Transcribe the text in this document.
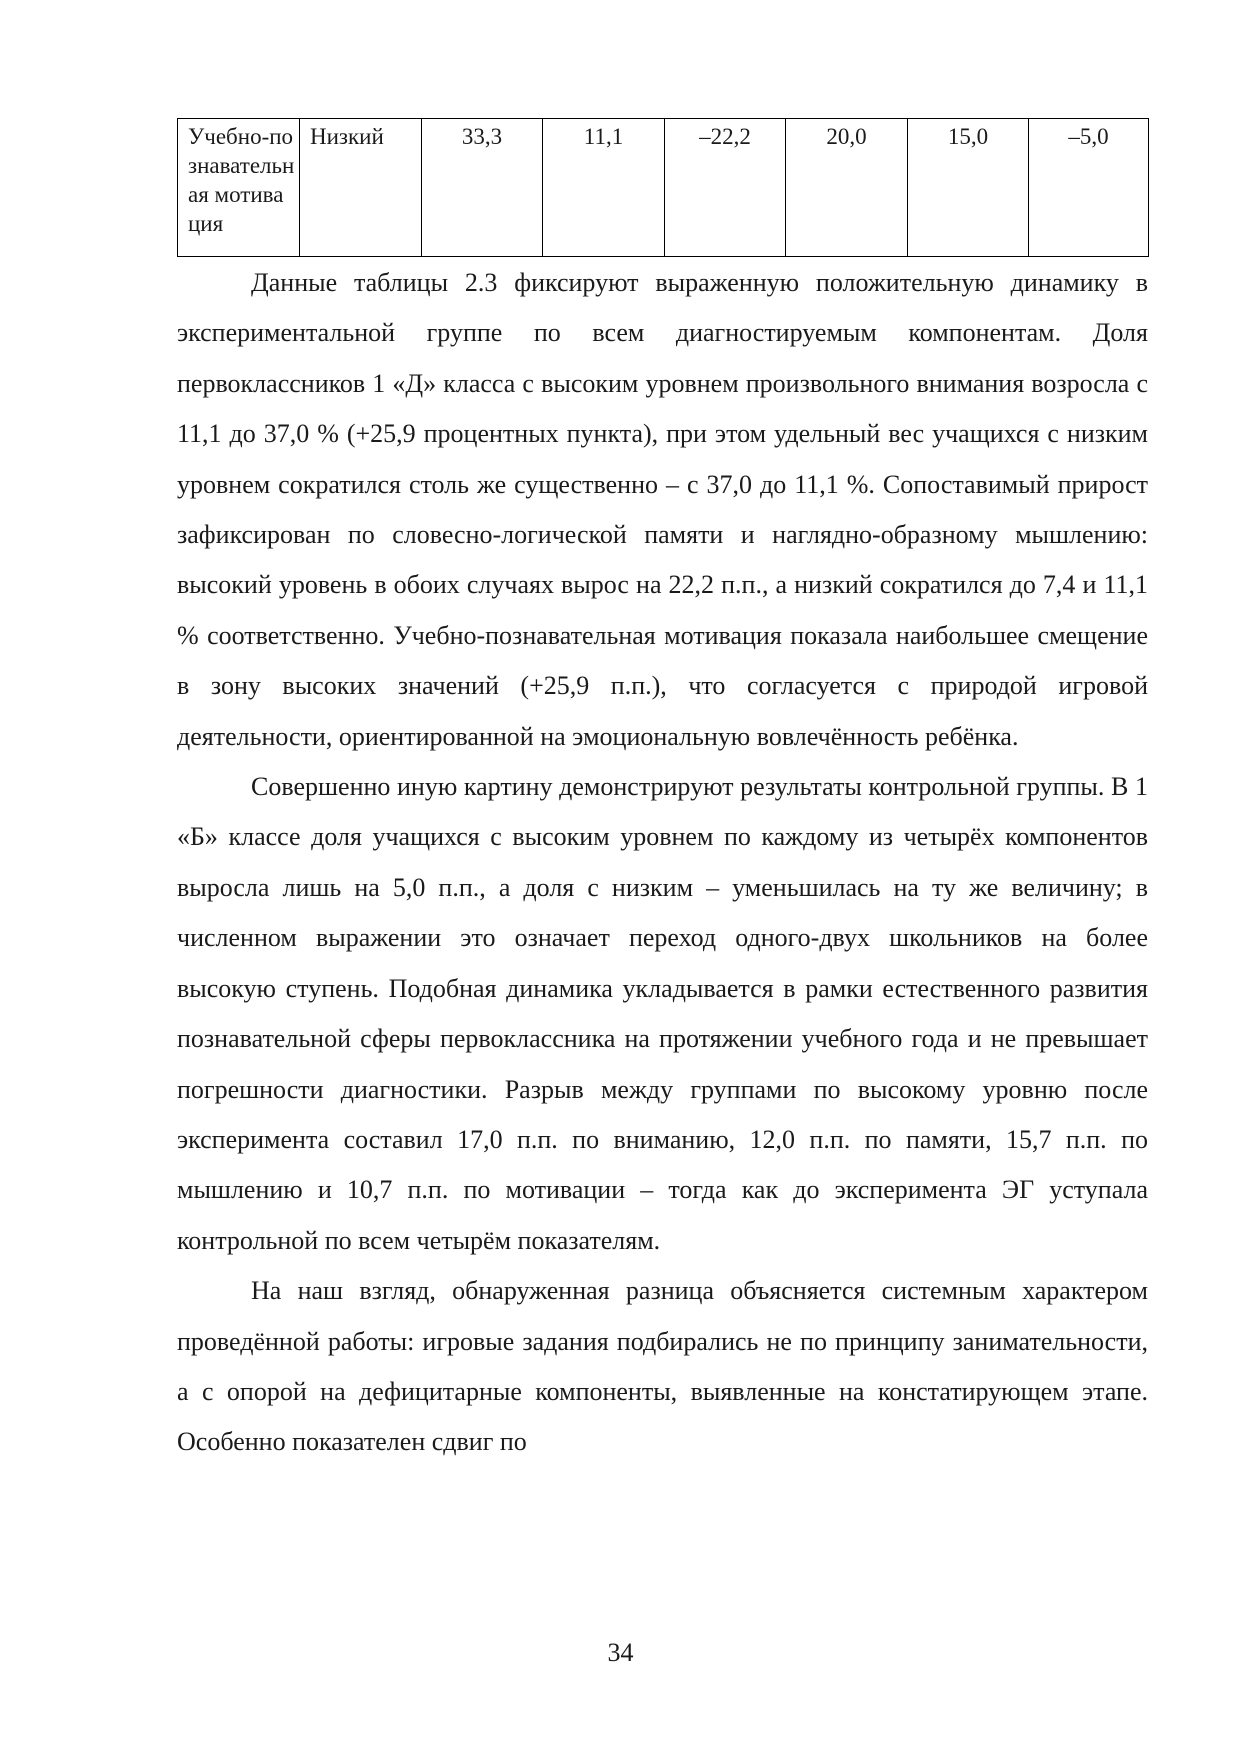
Учебно-познавательная мотивация	Низкий	33,3	11,1	–22,2	20,0	15,0	–5,0

Данные таблицы 2.3 фиксируют выраженную положительную динамику в экспериментальной группе по всем диагностируемым компонентам. Доля первоклассников 1 «Д» класса с высоким уровнем произвольного внимания возросла с 11,1 до 37,0 % (+25,9 процентных пункта), при этом удельный вес учащихся с низким уровнем сократился столь же существенно – с 37,0 до 11,1 %. Сопоставимый прирост зафиксирован по словесно-логической памяти и наглядно-образному мышлению: высокий уровень в обоих случаях вырос на 22,2 п.п., а низкий сократился до 7,4 и 11,1 % соответственно. Учебно-познавательная мотивация показала наибольшее смещение в зону высоких значений (+25,9 п.п.), что согласуется с природой игровой деятельности, ориентированной на эмоциональную вовлечённость ребёнка.

Совершенно иную картину демонстрируют результаты контрольной группы. В 1 «Б» классе доля учащихся с высоким уровнем по каждому из четырёх компонентов выросла лишь на 5,0 п.п., а доля с низким – уменьшилась на ту же величину; в численном выражении это означает переход одного-двух школьников на более высокую ступень. Подобная динамика укладывается в рамки естественного развития познавательной сферы первоклассника на протяжении учебного года и не превышает погрешности диагностики. Разрыв между группами по высокому уровню после эксперимента составил 17,0 п.п. по вниманию, 12,0 п.п. по памяти, 15,7 п.п. по мышлению и 10,7 п.п. по мотивации – тогда как до эксперимента ЭГ уступала контрольной по всем четырём показателям.

На наш взгляд, обнаруженная разница объясняется системным характером проведённой работы: игровые задания подбирались не по принципу занимательности, а с опорой на дефицитарные компоненты, выявленные на констатирующем этапе. Особенно показателен сдвиг по

34
